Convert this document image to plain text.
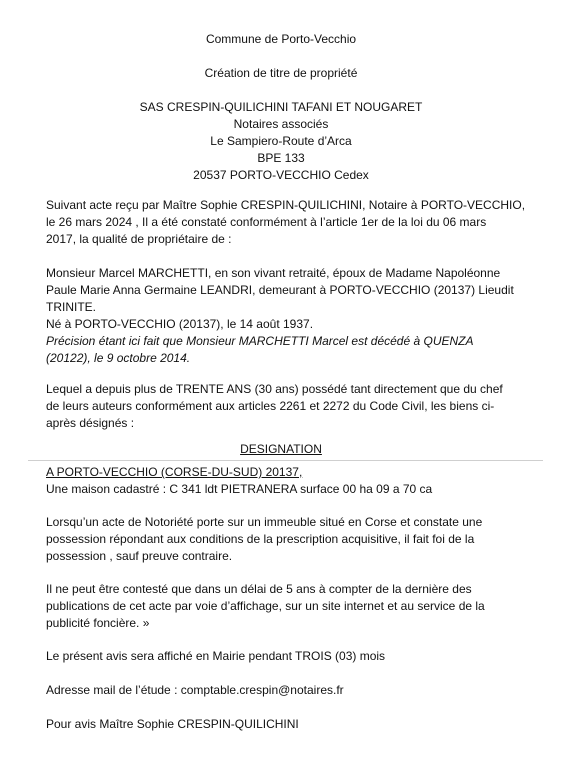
Commune de Porto-Vecchio
Création de titre de propriété
SAS CRESPIN-QUILICHINI TAFANI ET NOUGARET
Notaires associés
Le Sampiero-Route d’Arca
BPE 133
20537 PORTO-VECCHIO Cedex
Suivant acte reçu par Maître Sophie CRESPIN-QUILICHINI, Notaire à PORTO-VECCHIO,
le 26 mars 2024 , Il a été constaté conformément à l’article 1er de la loi du 06 mars
2017, la qualité de propriétaire de :
Monsieur Marcel MARCHETTI, en son vivant retraité, époux de Madame Napoléonne
Paule Marie Anna Germaine LEANDRI, demeurant à PORTO-VECCHIO (20137) Lieudit
TRINITE.
Né à PORTO-VECCHIO (20137), le 14 août 1937.
Précision étant ici fait que Monsieur MARCHETTI Marcel est décédé à QUENZA
(20122), le 9 octobre 2014.
Lequel a depuis plus de TRENTE ANS (30 ans) possédé tant directement que du chef
de leurs auteurs conformément aux articles 2261 et 2272 du Code Civil, les biens ci-
après désignés :
DESIGNATION
A PORTO-VECCHIO (CORSE-DU-SUD) 20137,
Une maison cadastré : C 341 ldt PIETRANERA surface 00 ha 09 a 70 ca
Lorsqu’un acte de Notoriété porte sur un immeuble situé en Corse et constate une
possession répondant aux conditions de la prescription acquisitive, il fait foi de la
possession , sauf preuve contraire.
Il ne peut être contesté que dans un délai de 5 ans à compter de la dernière des
publications de cet acte par voie d’affichage, sur un site internet et au service de la
publicité foncière. »
Le présent avis sera affiché en Mairie pendant TROIS (03) mois
Adresse mail de l’étude : comptable.crespin@notaires.fr
Pour avis Maître Sophie CRESPIN-QUILICHINI
